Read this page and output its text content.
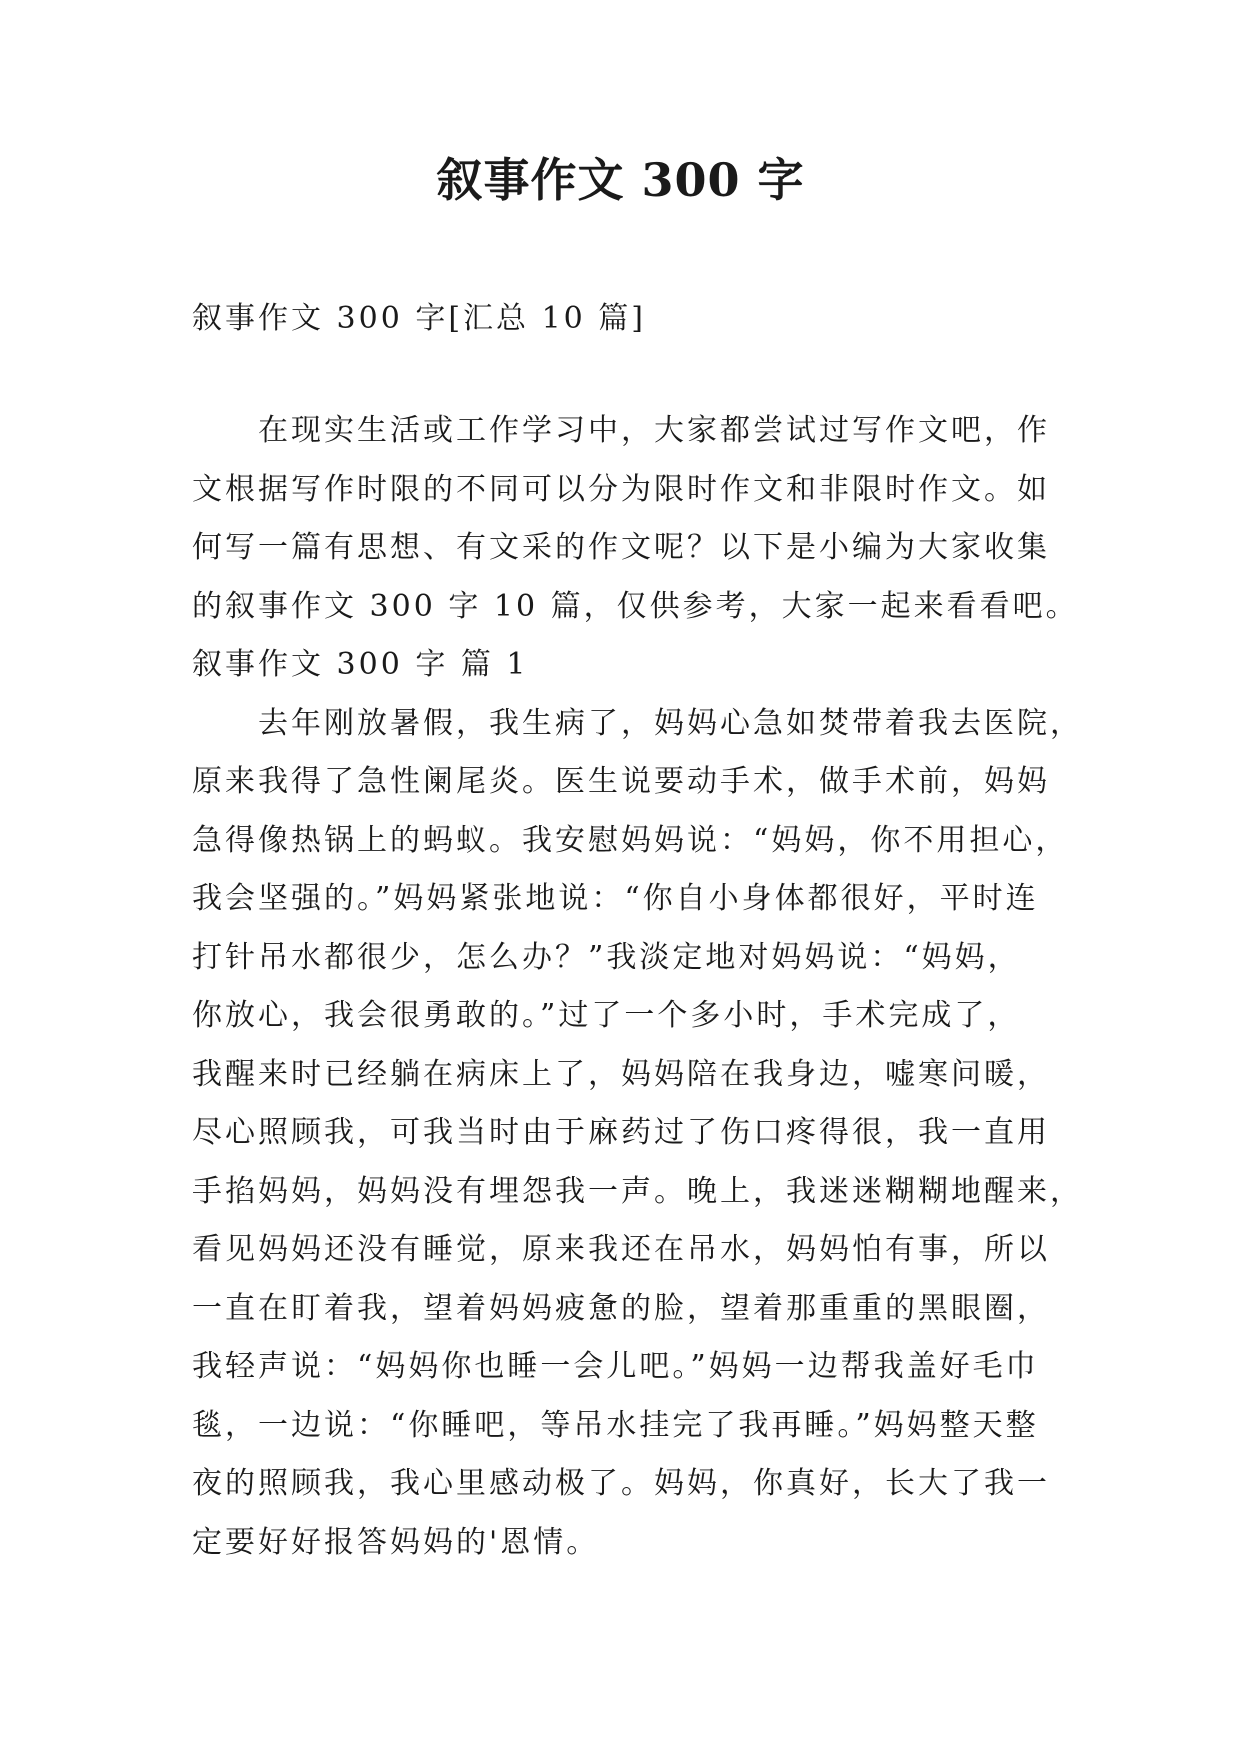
叙事作文 300 字
叙事作文 300 字[汇总 10 篇]
在现实生活或工作学习中，大家都尝试过写作文吧，作
文根据写作时限的不同可以分为限时作文和非限时作文。如
何写一篇有思想、有文采的作文呢？以下是小编为大家收集
的叙事作文 300 字 10 篇，仅供参考，大家一起来看看吧。
叙事作文 300 字 篇 1
去年刚放暑假，我生病了，妈妈心急如焚带着我去医院，
原来我得了急性阑尾炎。医生说要动手术，做手术前，妈妈
急得像热锅上的蚂蚁。我安慰妈妈说：“妈妈，你不用担心，
我会坚强的。”妈妈紧张地说：“你自小身体都很好，平时连
打针吊水都很少，怎么办？”我淡定地对妈妈说：“妈妈，
你放心，我会很勇敢的。”过了一个多小时，手术完成了，
我醒来时已经躺在病床上了，妈妈陪在我身边，嘘寒问暖，
尽心照顾我，可我当时由于麻药过了伤口疼得很，我一直用
手掐妈妈，妈妈没有埋怨我一声。晚上，我迷迷糊糊地醒来，
看见妈妈还没有睡觉，原来我还在吊水，妈妈怕有事，所以
一直在盯着我，望着妈妈疲惫的脸，望着那重重的黑眼圈，
我轻声说：“妈妈你也睡一会儿吧。”妈妈一边帮我盖好毛巾
毯，一边说：“你睡吧，等吊水挂完了我再睡。”妈妈整天整
夜的照顾我，我心里感动极了。妈妈，你真好，长大了我一
定要好好报答妈妈的'恩情。
